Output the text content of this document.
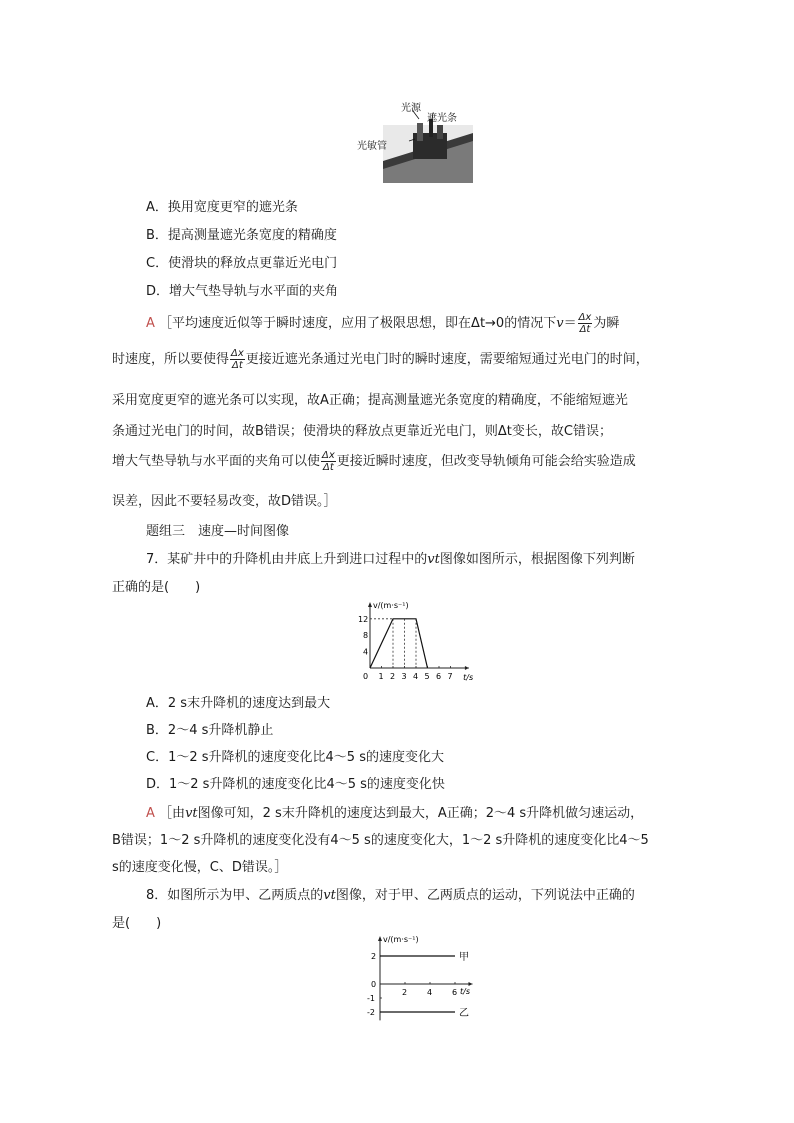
光源
遮光条
光敏管
A．换用宽度更窄的遮光条
B．提高测量遮光条宽度的精确度
C．使滑块的释放点更靠近光电门
D．增大气垫导轨与水平面的夹角
A ［平均速度近似等于瞬时速度，应用了极限思想，即在Δt→0的情况下$v= \frac{\Delta x}{\Delta t}$ 为瞬
时速度，所以要使得 $\frac{\Delta x}{\Delta t}$ 更接近遮光条通过光电门时的瞬时速度，需要缩短通过光电门的时间，
采用宽度更窄的遮光条可以实现，故A正确；提高测量遮光条宽度的精确度，不能缩短遮光
条通过光电门的时间，故B错误；使滑块的释放点更靠近光电门，则Δt变长，故C错误；
增大气垫导轨与水平面的夹角可以使 $\frac{\Delta x}{\Delta t}$ 更接近瞬时速度，但改变导轨倾角可能会给实验造成
误差，因此不要轻易改变，故D错误。］
题组三　速度—时间图像
7．某矿井中的升降机由井底上升到进口过程中的vt图像如图所示，根据图像下列判断
正确的是(　　)
v/(m·s⁻¹)
t/s
0 1 2 3 4 5 6 7
4
8
12
A．2 s末升降机的速度达到最大
B．2～4 s升降机静止
C．1～2 s升降机的速度变化比4～5 s的速度变化大
D．1～2 s升降机的速度变化比4～5 s的速度变化快
A ［由vt图像可知，2 s末升降机的速度达到最大，A正确；2～4 s升降机做匀速运动，
B错误；1～2 s升降机的速度变化没有4～5 s的速度变化大，1～2 s升降机的速度变化比4～5
s的速度变化慢，C、D错误。］
8．如图所示为甲、乙两质点的vt图像，对于甲、乙两质点的运动，下列说法中正确的
是(　　)
v/(m·s⁻¹)
t/s
0
2 4 6
2
-1
-2
甲
乙
